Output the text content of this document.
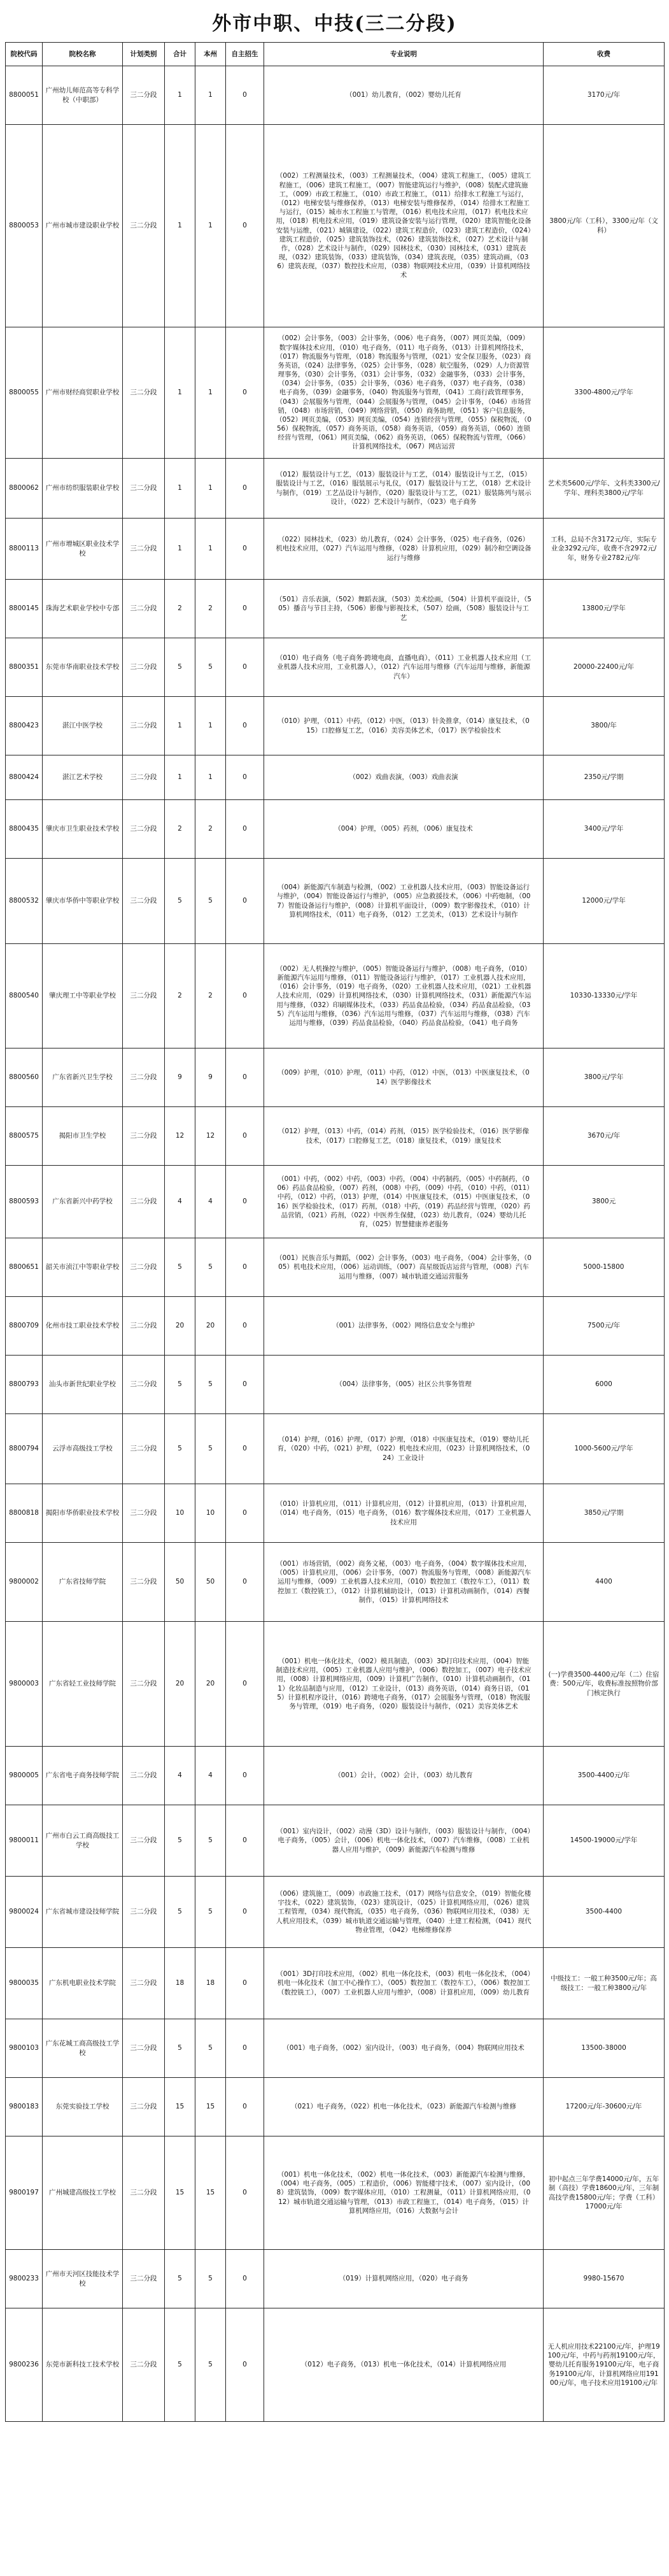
外市中职、中技(三二分段)
院校代码	院校名称	计划类别	合计	本州	自主招生	专业说明	收费
8800051	广州幼儿师范高等专科学校（中职部）	三二分段	1	1	0	（001）幼儿教育，（002）婴幼儿托育	3170元/年
8800053	广州市城市建设职业学校	三二分段	1	1	0	（002）工程测量技术，（003）工程测量技术，（004）建筑工程施工，（005）建筑工程施工，（006）建筑工程施工，（007）智能建筑运行与维护，（008）装配式建筑施工，（009）市政工程施工，（010）市政工程施工，（011）给排水工程施工与运行，（012）电梯安装与维修保养，（013）电梯安装与维修保养，（014）给排水工程施工与运行，（015）城市水工程施工与管理，（016）机电技术应用，（017）机电技术应用，（018）机电技术应用，（019）建筑设备安装与运行管理，（020）建筑智能化设备安装与运维，（021）城镇建设，（022）建筑工程造价，（023）建筑工程造价，（024）建筑工程造价，（025）建筑装饰技术，（026）建筑装饰技术，（027）艺术设计与制作，（028）艺术设计与制作，（029）园林技术，（030）园林技术，（031）建筑表现，（032）建筑装饰，（033）建筑装饰，（034）建筑表现，（035）建筑动画，（036）建筑表现，（037）数控技术应用，（038）物联网技术应用，（039）计算机网络技术	3800元/年（工科），3300元/年（文科）
8800055	广州市财经商贸职业学校	三二分段	1	1	0	（002）会计事务，（003）会计事务，（006）电子商务，（007）网页美编，（009）数字媒体技术应用，（010）电子商务，（011）电子商务，（013）计算机网络技术，（017）物流服务与管理，（018）物流服务与管理，（021）安全保卫服务，（023）商务英语，（024）法律事务，（025）会计事务，（028）航空服务，（029）人力资源管理事务，（030）会计事务，（031）会计事务，（032）金融事务，（033）会计事务，（034）会计事务，（035）会计事务，（036）电子商务，（037）电子商务，（038）电子商务，（039）金融事务，（040）物流服务与管理，（041）工商行政管理事务，（043）会展服务与管理，（044）会展服务与管理，（045）会计事务，（046）市场营销，（048）市场营销，（049）网络营销，（050）商务助理，（051）客户信息服务，（052）网页美编，（053）网页美编，（054）连锁经营与管理，（055）保税物流，（056）保税物流，（057）商务英语，（058）商务英语，（059）商务英语，（060）连锁经营与管理，（061）网页美编，（062）商务英语，（065）保税物流与管理，（066）计算机网络技术，（067）网店运营	3300-4800元/学年
8800062	广州市纺织服装职业学校	三二分段	1	1	0	（012）服装设计与工艺，（013）服装设计与工艺，（014）服装设计与工艺，（015）服装设计与工艺，（016）服装展示与礼仪，（017）服装设计与工艺，（018）艺术设计与制作，（019）工艺品设计与制作，（020）服装设计与工艺，（021）服装陈列与展示设计，（022）艺术设计与制作，（023）电子商务	艺术类5600元/学年、文科类3300元/学年、理科类3800元/学年
8800113	广州市增城区职业技术学校	三二分段	1	1	0	（022）园林技术，（023）幼儿教育，（024）会计事务，（025）电子商务，（026）机电技术应用，（027）汽车运用与维修，（028）计算机应用，（029）制冷和空调设备运行与维修	工科，总局不含3172元/年，实际专业金3292元/年，收费不含2972元/年，财务专业2782元/年
8800145	珠海艺术职业学校中专部	三二分段	2	2	0	（501）音乐表演，（502）舞蹈表演，（503）美术绘画，（504）计算机平面设计，（505）播音与节目主持，（506）影像与影视技术，（507）绘画，（508）服装设计与工艺	13800元/学年
8800351	东莞市华南职业技术学校	三二分段	5	5	0	（010）电子商务（电子商务·跨境电商，直播电商），（011）工业机器人技术应用（工业机器人技术应用，工业机器人），（012）汽车运用与维修（汽车运用与维修，新能源汽车）	20000-22400元/年
8800423	湛江中医学校	三二分段	1	1	0	（010）护理，（011）中药，（012）中医，（013）针灸推拿，（014）康复技术，（015）口腔修复工艺，（016）美容美体艺术，（017）医学检验技术	3800/年
8800424	湛江艺术学校	三二分段	1	1	0	（002）戏曲表演，（003）戏曲表演	2350元/学期
8800435	肇庆市卫生职业技术学校	三二分段	2	2	0	（004）护理，（005）药剂，（006）康复技术	3400元/学年
8800532	肇庆市华侨中等职业学校	三二分段	5	5	0	（004）新能源汽车制造与检测，（002）工业机器人技术应用，（003）智能设备运行与维护，（004）智能设备运行与维护，（005）应急救援技术，（006）中药炮制，（007）智能设备运行与维护，（008）计算机平面设计，（009）数字影像技术，（010）计算机网络技术，（011）电子商务，（012）工艺美术，（013）艺术设计与制作	12000元/学年
8800540	肇庆理工中等职业学校	三二分段	2	2	0	（002）无人机操控与维护，（005）智能设备运行与维护，（008）电子商务，（010）新能源汽车运用与维修，（011）智能设备运行与维护，（017）工业机器人技术应用，（016）会计事务，（019）电子商务，（020）工业机器人技术应用，（021）工业机器人技术应用，（029）计算机网络技术，（030）计算机网络技术，（031）新能源汽车运用与维修，（032）印刷媒体技术，（033）药品食品检验，（034）药品食品检验，（035）汽车运用与维修，（036）汽车运用与维修，（037）汽车运用与维修，（038）汽车运用与维修，（039）药品食品检验，（040）药品食品检验，（041）电子商务	10330-13330元/学年
8800560	广东省新兴卫生学校	三二分段	9	9	0	（009）护理，（010）护理，（011）中药，（012）中医，（013）中医康复技术，（014）医学影像技术	3800元/学年
8800575	揭阳市卫生学校	三二分段	12	12	0	（012）护理，（013）中药，（014）药剂，（015）医学检验技术，（016）医学影像技术，（017）口腔修复工艺，（018）康复技术，（019）康复技术	3670元/年
8800593	广东省新兴中药学校	三二分段	4	4	0	（001）中药，（002）中药，（003）中药，（004）中药制药，（005）中药制药，（006）药品食品检验，（007）药剂，（008）中药，（009）中药，（010）中药，（011）中药，（012）中药，（013）护理，（014）中医康复技术，（015）中医康复技术，（016）医学检验技术，（017）药剂，（018）中药，（019）药品经营与管理，（020）药品营销，（021）药剂，（022）中医养生保健，（023）幼儿教育，（024）婴幼儿托育，（025）智慧健康养老服务	3800元
8800651	韶关市浈江中等职业学校	三二分段	5	5	0	（001）民族音乐与舞蹈，（002）会计事务，（003）电子商务，（004）会计事务，（005）机电技术应用，（006）运动训练，（007）高星级饭店运营与管理，（008）汽车运用与维修，（007）城市轨道交通运营服务	5000-15800
8800709	化州市技工职业技术学校	三二分段	20	20	0	（001）法律事务，（002）网络信息安全与维护	7500元/年
8800793	汕头市新世纪职业学校	三二分段	5	5	0	（004）法律事务，（005）社区公共事务管理	6000
8800794	云浮市高级技工学校	三二分段	5	5	0	（014）护理，（016）护理，（017）护理，（018）中医康复技术，（019）婴幼儿托育，（020）中药，（021）护理，（022）机电技术应用，（023）计算机网络技术，（024）工业设计	1000-5600元/学年
8800818	揭阳市华侨职业技术学校	三二分段	10	10	0	（010）计算机应用，（011）计算机应用，（012）计算机应用，（013）计算机应用，（014）电子商务，（015）电子商务，（016）数字媒体技术应用，（017）工业机器人技术应用	3850元/学期
9800002	广东省技师学院	三二分段	50	50	0	（001）市场营销，（002）商务文秘，（003）电子商务，（004）数字媒体技术应用，（005）计算机应用，（006）会计事务，（007）物流服务与管理，（008）新能源汽车运用与维修，（009）工业机器人技术应用，（010）数控加工（数控车工），（011）数控加工（数控铣工），（012）计算机辅助设计，（013）计算机动画制作，（014）西餐制作，（015）计算机网络技术	4400
9800003	广东省轻工业技师学院	三二分段	20	20	0	（001）机电一体化技术，（002）模具制造，（003）3D打印技术应用，（004）智能制造技术应用，（005）工业机器人应用与维护，（006）数控加工，（007）电子技术应用，（008）计算机网络应用，（009）计算机广告制作，（010）计算机动画制作，（011）化妆品制造与应用，（012）工业设计，（013）商务英语，（014）商务日语，（015）计算机程序设计，（016）跨境电子商务，（017）会展服务与管理，（018）物流服务与管理，（019）电子商务，（020）服装设计与制作，（021）美容美体艺术	(一)学费3500-4400元/年（二）住宿费：500元/年，收费标准按照物价部门核定执行
9800005	广东省电子商务技师学院	三二分段	4	4	0	（001）会计，（002）会计，（003）幼儿教育	3500-4400元/年
9800011	广州市白云工商高级技工学校	三二分段	5	5	0	（001）室内设计，（002）动漫（3D）设计与制作，（003）服装设计与制作，（004）电子商务，（005）会计，（006）机电一体化技术，（007）汽车维修，（008）工业机器人应用与维护，（009）新能源汽车检测与维修	14500-19000元/学年
9800024	广东省城市建设技师学院	三二分段	5	5	0	（006）建筑施工，（009）市政施工技术，（017）网络与信息安全，（019）智能化楼宇技术，（022）建筑装饰，（023）建筑设计，（025）计算机网络应用，（026）建筑工程管理，（034）现代物流，（035）电子商务，（036）物联网应用技术，（038）无人机应用技术，（039）城市轨道交通运输与管理，（040）土建工程检测，（041）现代物业管理，（042）电梯维修保养	3500-4400
9800035	广东机电职业技术学院	三二分段	18	18	0	（001）3D打印技术应用，（002）机电一体化技术，（003）机电一体化技术，（004）机电一体化技术（加工中心操作工），（005）数控加工（数控车工），（006）数控加工（数控铣工），（007）工业机器人应用与维护，（008）计算机应用，（009）幼儿教育	中级技工：一般工种3500元/年；高级技工：一般工种3800元/年
9800103	广东花城工商高级技工学校	三二分段	5	5	0	（001）电子商务，（002）室内设计，（003）电子商务，（004）物联网应用技术	13500-38000
9800183	东莞实验技工学校	三二分段	15	15	0	（021）电子商务，（022）机电一体化技术，（023）新能源汽车检测与维修	17200元/年-30600元/年
9800197	广州城建高级技工学校	三二分段	15	15	0	（001）机电一体化技术，（002）机电一体化技术，（003）新能源汽车检测与维修，（004）电子商务，（005）工程造价，（006）智能楼宇技术，（007）室内设计，（008）建筑装饰，（009）数字媒体应用，（010）工程测量，（011）计算机网络应用，（012）城市轨道交通运输与管理，（013）市政工程施工，（014）电子商务，（015）计算机网络应用，（016）大数据与会计	初中起点三年学费14000元/年，五年制（高技）学费18600元/年，三年制高技学费15800元/年；学费（工科）17000元/年
9800233	广州市天河区技能技术学校	三二分段	5	5	0	（019）计算机网络应用，（020）电子商务	9980-15670
9800236	东莞市新科技工技术学校	三二分段	5	5	0	（012）电子商务，（013）机电一体化技术，（014）计算机网络应用	无人机应用技术22100元/年，护理19100元/年，中药与药剂19100元/年，婴幼儿托育服务19100元/年，电子商务19100元/年，计算机网络应用19100元/年，电子技术应用19100元/年
